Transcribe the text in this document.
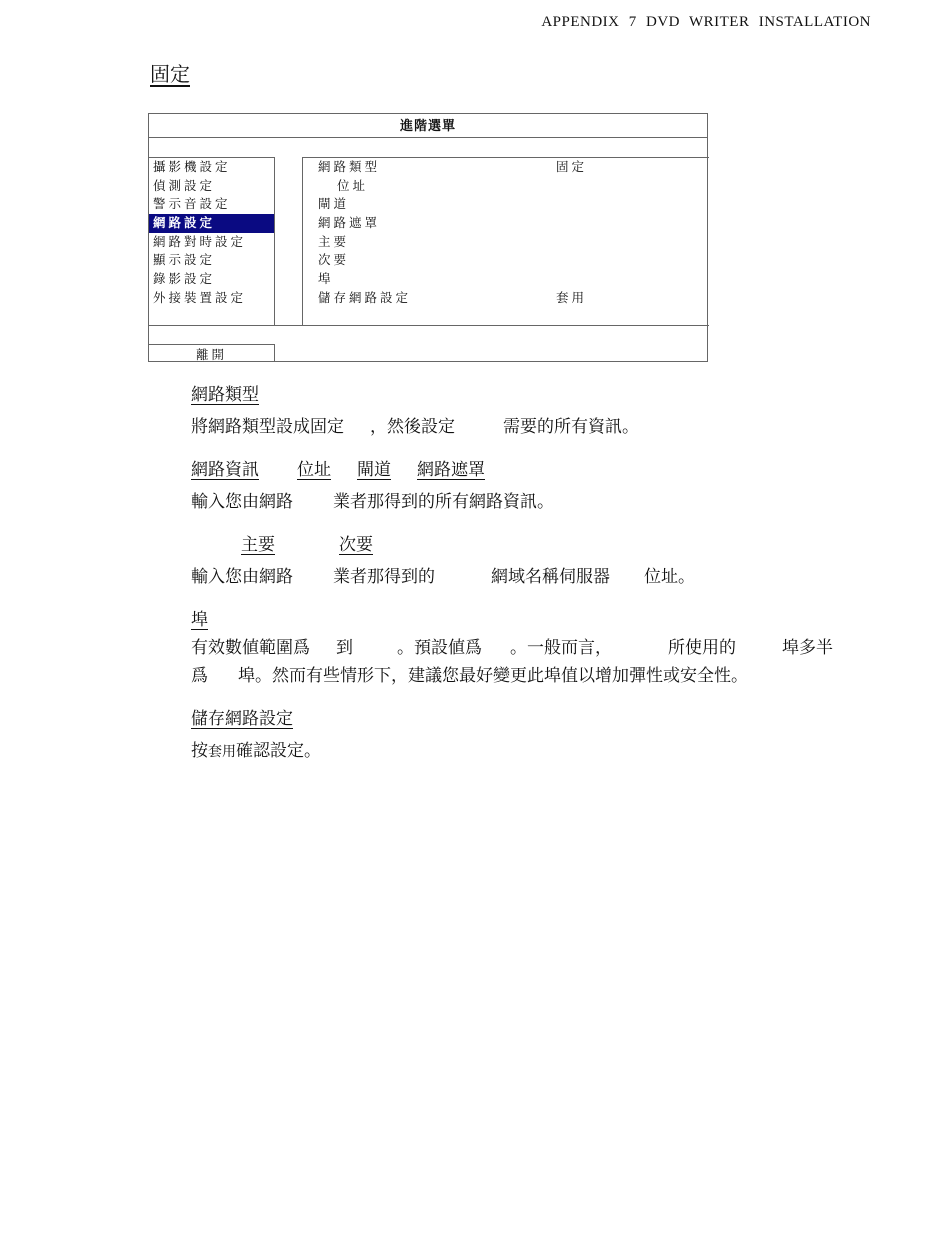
APPENDIX 7 DVD WRITER INSTALLATION
固定
進階選單
攝影機設定
偵測設定
警示音設定
網路設定
網路對時設定
顯示設定
錄影設定
外接裝置設定
網路類型	固定
位址
閘道
網路遮罩
主要
次要
埠
儲存網路設定	套用
離開
網路類型
將網路類型設成固定 ，然後設定	需要的所有資訊。
網路資訊 位址 閘道 網路遮罩
輸入您由網路 業者那得到的所有網路資訊。
主要	次要
輸入您由網路 業者那得到的	網域名稱伺服器 位址。
埠
有效數値範圍爲 到	。預設値爲 。一般而言，	所使用的	埠多半
爲 埠。然而有些情形下，建議您最好變更此埠值以增加彈性或安全性。
儲存網路設定
按套用確認設定。
